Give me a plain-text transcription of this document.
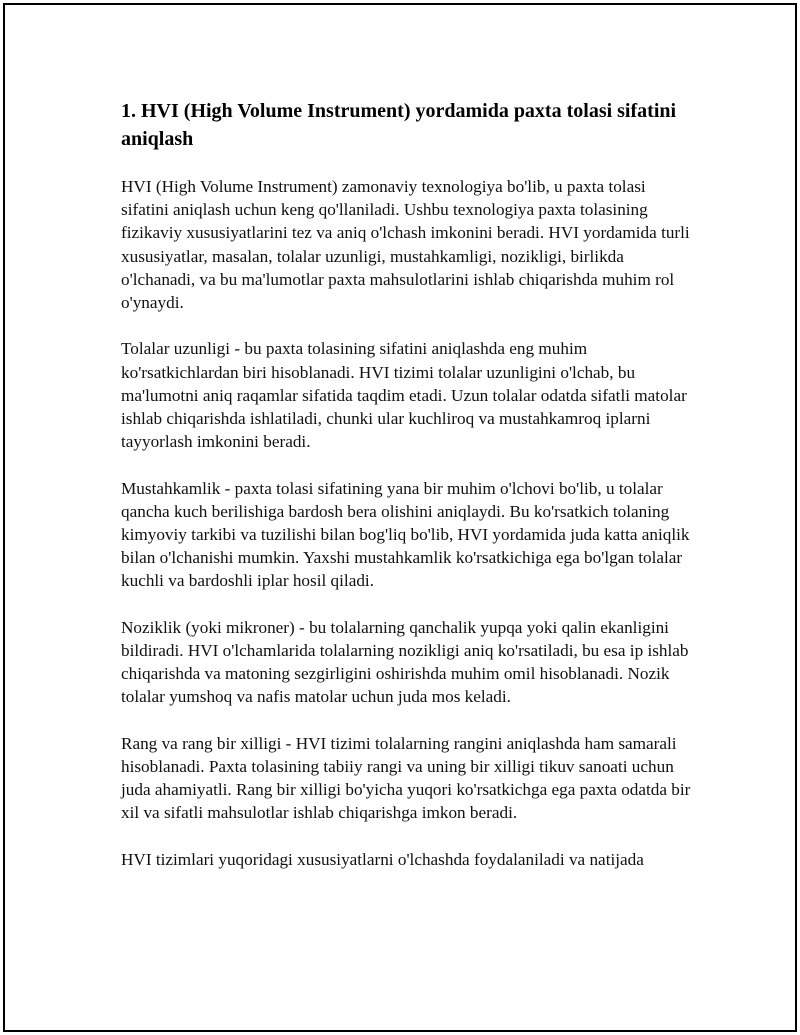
1. HVI (High Volume Instrument) yordamida paxta tolasi sifatini aniqlash

HVI (High Volume Instrument) zamonaviy texnologiya bo'lib, u paxta tolasi sifatini aniqlash uchun keng qo'llaniladi. Ushbu texnologiya paxta tolasining fizikaviy xususiyatlarini tez va aniq o'lchash imkonini beradi. HVI yordamida turli xususiyatlar, masalan, tolalar uzunligi, mustahkamligi, nozikligi, birlikda o'lchanadi, va bu ma'lumotlar paxta mahsulotlarini ishlab chiqarishda muhim rol o'ynaydi.

Tolalar uzunligi - bu paxta tolasining sifatini aniqlashda eng muhim ko'rsatkichlardan biri hisoblanadi. HVI tizimi tolalar uzunligini o'lchab, bu ma'lumotni aniq raqamlar sifatida taqdim etadi. Uzun tolalar odatda sifatli matolar ishlab chiqarishda ishlatiladi, chunki ular kuchliroq va mustahkamroq iplarni tayyorlash imkonini beradi.

Mustahkamlik - paxta tolasi sifatining yana bir muhim o'lchovi bo'lib, u tolalar qancha kuch berilishiga bardosh bera olishini aniqlaydi. Bu ko'rsatkich tolaning kimyoviy tarkibi va tuzilishi bilan bog'liq bo'lib, HVI yordamida juda katta aniqlik bilan o'lchanishi mumkin. Yaxshi mustahkamlik ko'rsatkichiga ega bo'lgan tolalar kuchli va bardoshli iplar hosil qiladi.

Noziklik (yoki mikroner) - bu tolalarning qanchalik yupqa yoki qalin ekanligini bildiradi. HVI o'lchamlarida tolalarning nozikligi aniq ko'rsatiladi, bu esa ip ishlab chiqarishda va matoning sezgirligini oshirishda muhim omil hisoblanadi. Nozik tolalar yumshoq va nafis matolar uchun juda mos keladi.

Rang va rang bir xilligi - HVI tizimi tolalarning rangini aniqlashda ham samarali hisoblanadi. Paxta tolasining tabiiy rangi va uning bir xilligi tikuv sanoati uchun juda ahamiyatli. Rang bir xilligi bo'yicha yuqori ko'rsatkichga ega paxta odatda bir xil va sifatli mahsulotlar ishlab chiqarishga imkon beradi.

HVI tizimlari yuqoridagi xususiyatlarni o'lchashda foydalaniladi va natijada
